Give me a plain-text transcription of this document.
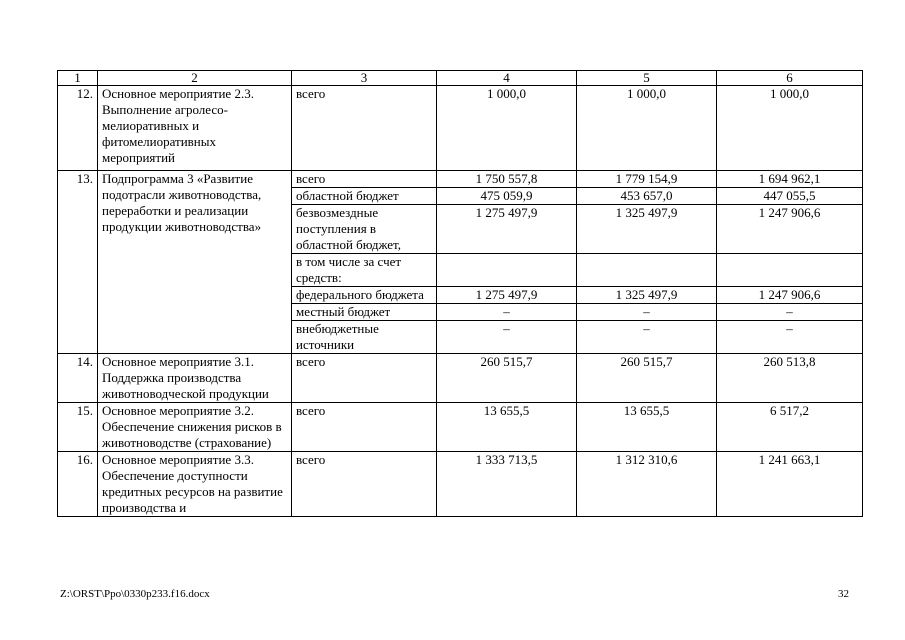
1	2	3	4	5	6
12.	Основное мероприятие 2.3. Выполнение агролесо-мелиоративных и фитомелиоративных мероприятий	всего	1 000,0	1 000,0	1 000,0
13.	Подпрограмма 3 «Развитие подотрасли животноводства, переработки и реализации продукции животноводства»	всего	1 750 557,8	1 779 154,9	1 694 962,1
		областной бюджет	475 059,9	453 657,0	447 055,5
		безвозмездные поступления в областной бюджет,	1 275 497,9	1 325 497,9	1 247 906,6
		в том числе за счет средств:			
		федерального бюджета	1 275 497,9	1 325 497,9	1 247 906,6
		местный бюджет	–	–	–
		внебюджетные источники	–	–	–
14.	Основное мероприятие 3.1. Поддержка производства животноводческой продукции	всего	260 515,7	260 515,7	260 513,8
15.	Основное мероприятие 3.2. Обеспечение снижения рисков в животноводстве (страхование)	всего	13 655,5	13 655,5	6 517,2
16.	Основное мероприятие 3.3. Обеспечение доступности кредитных ресурсов на развитие производства и	всего	1 333 713,5	1 312 310,6	1 241 663,1
Z:\ORST\Ppo\0330p233.f16.docx	32
